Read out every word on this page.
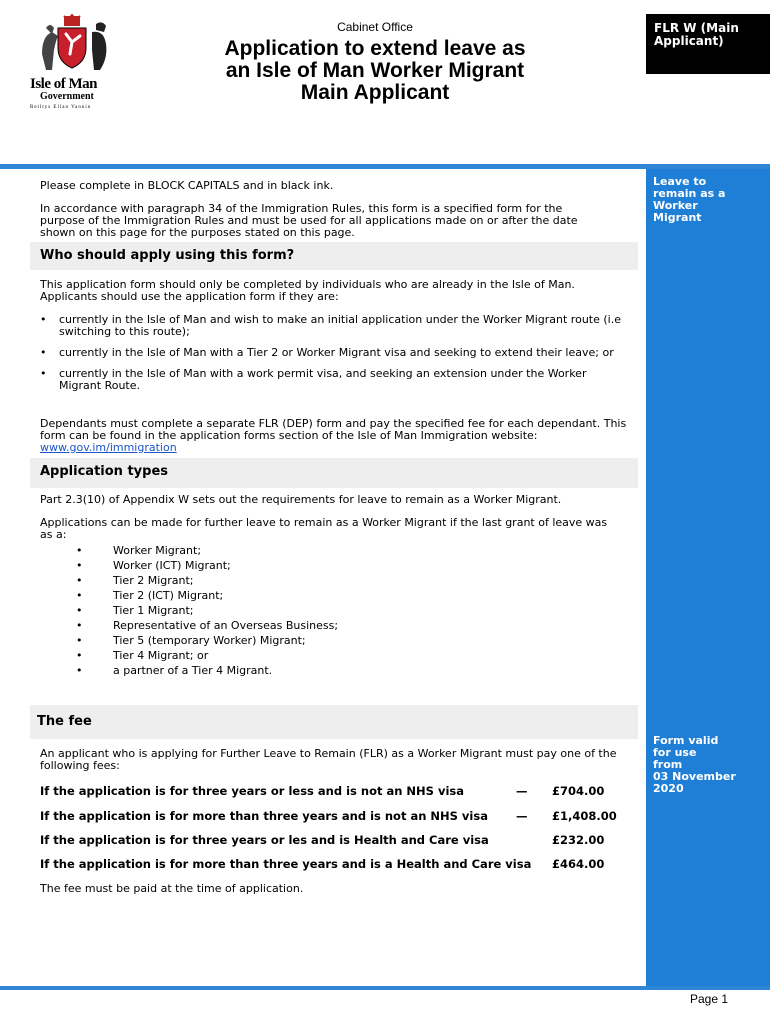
Isle of Man
Government
Reiltys Ellan Vannin
Cabinet Office
Application to extend leave as
an Isle of Man Worker Migrant
Main Applicant
FLR W (Main
Applicant)
Leave to
remain as a
Worker
Migrant
Form valid
for use
from
03 November
2020
Please complete in BLOCK CAPITALS and in black ink.
In accordance with paragraph 34 of the Immigration Rules, this form is a specified form for the purpose of the Immigration Rules and must be used for all applications made on or after the date shown on this page for the purposes stated on this page.
Who should apply using this form?
This application form should only be completed by individuals who are already in the Isle of Man. Applicants should use the application form if they are:
• currently in the Isle of Man and wish to make an initial application under the Worker Migrant route (i.e switching to this route);
• currently in the Isle of Man with a Tier 2 or Worker Migrant visa and seeking to extend their leave; or
• currently in the Isle of Man with a work permit visa, and seeking an extension under the Worker Migrant Route.
Dependants must complete a separate FLR (DEP) form and pay the specified fee for each dependant. This form can be found in the application forms section of the Isle of Man Immigration website:
www.gov.im/immigration
Application types
Part 2.3(10) of Appendix W sets out the requirements for leave to remain as a Worker Migrant.
Applications can be made for further leave to remain as a Worker Migrant if the last grant of leave was as a:
• Worker Migrant;
• Worker (ICT) Migrant;
• Tier 2 Migrant;
• Tier 2 (ICT) Migrant;
• Tier 1 Migrant;
• Representative of an Overseas Business;
• Tier 5 (temporary Worker) Migrant;
• Tier 4 Migrant; or
• a partner of a Tier 4 Migrant.
The fee
An applicant who is applying for Further Leave to Remain (FLR) as a Worker Migrant must pay one of the following fees:
If the application is for three years or less and is not an NHS visa	— £704.00
If the application is for more than three years and is not an NHS visa — £1,408.00
If the application is for three years or les and is Health and Care visa	£232.00
If the application is for more than three years and is a Health and Care visa £464.00
The fee must be paid at the time of application.
Page 1
